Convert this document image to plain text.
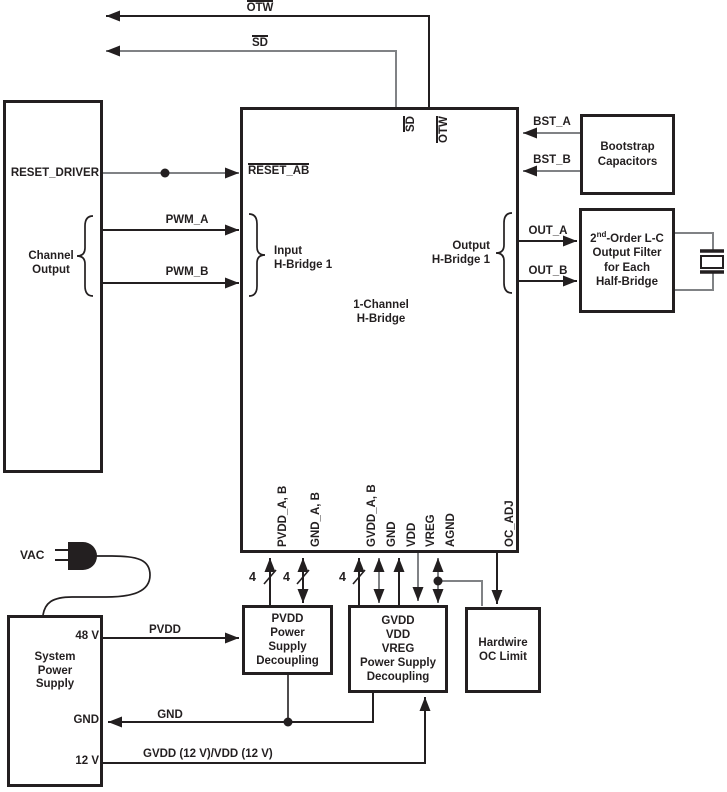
OTW
SD
RESET_DRIVER
Channel
Output
PWM_A
PWM_B
RESET_AB
SD OTW
Input
H-Bridge 1
Output
H-Bridge 1
1-Channel
H-Bridge
PVDD_A, B GND_A, B	GVDD_A, B GND VDD VREG AGND	OC_ADJ
4 4	4
BST_A
BST_B
Bootstrap
Capacitors
OUT_A
OUT_B
2nd-Order L-C
Output Filter
for Each
Half-Bridge
PVDD
Power
Supply
Decoupling
GVDD
VDD
VREG
Power Supply
Decoupling
Hardwire
OC Limit
VAC
PVDD
GND
GVDD (12 V)/VDD (12 V)
System
Power
Supply
48 V
GND
12 V
